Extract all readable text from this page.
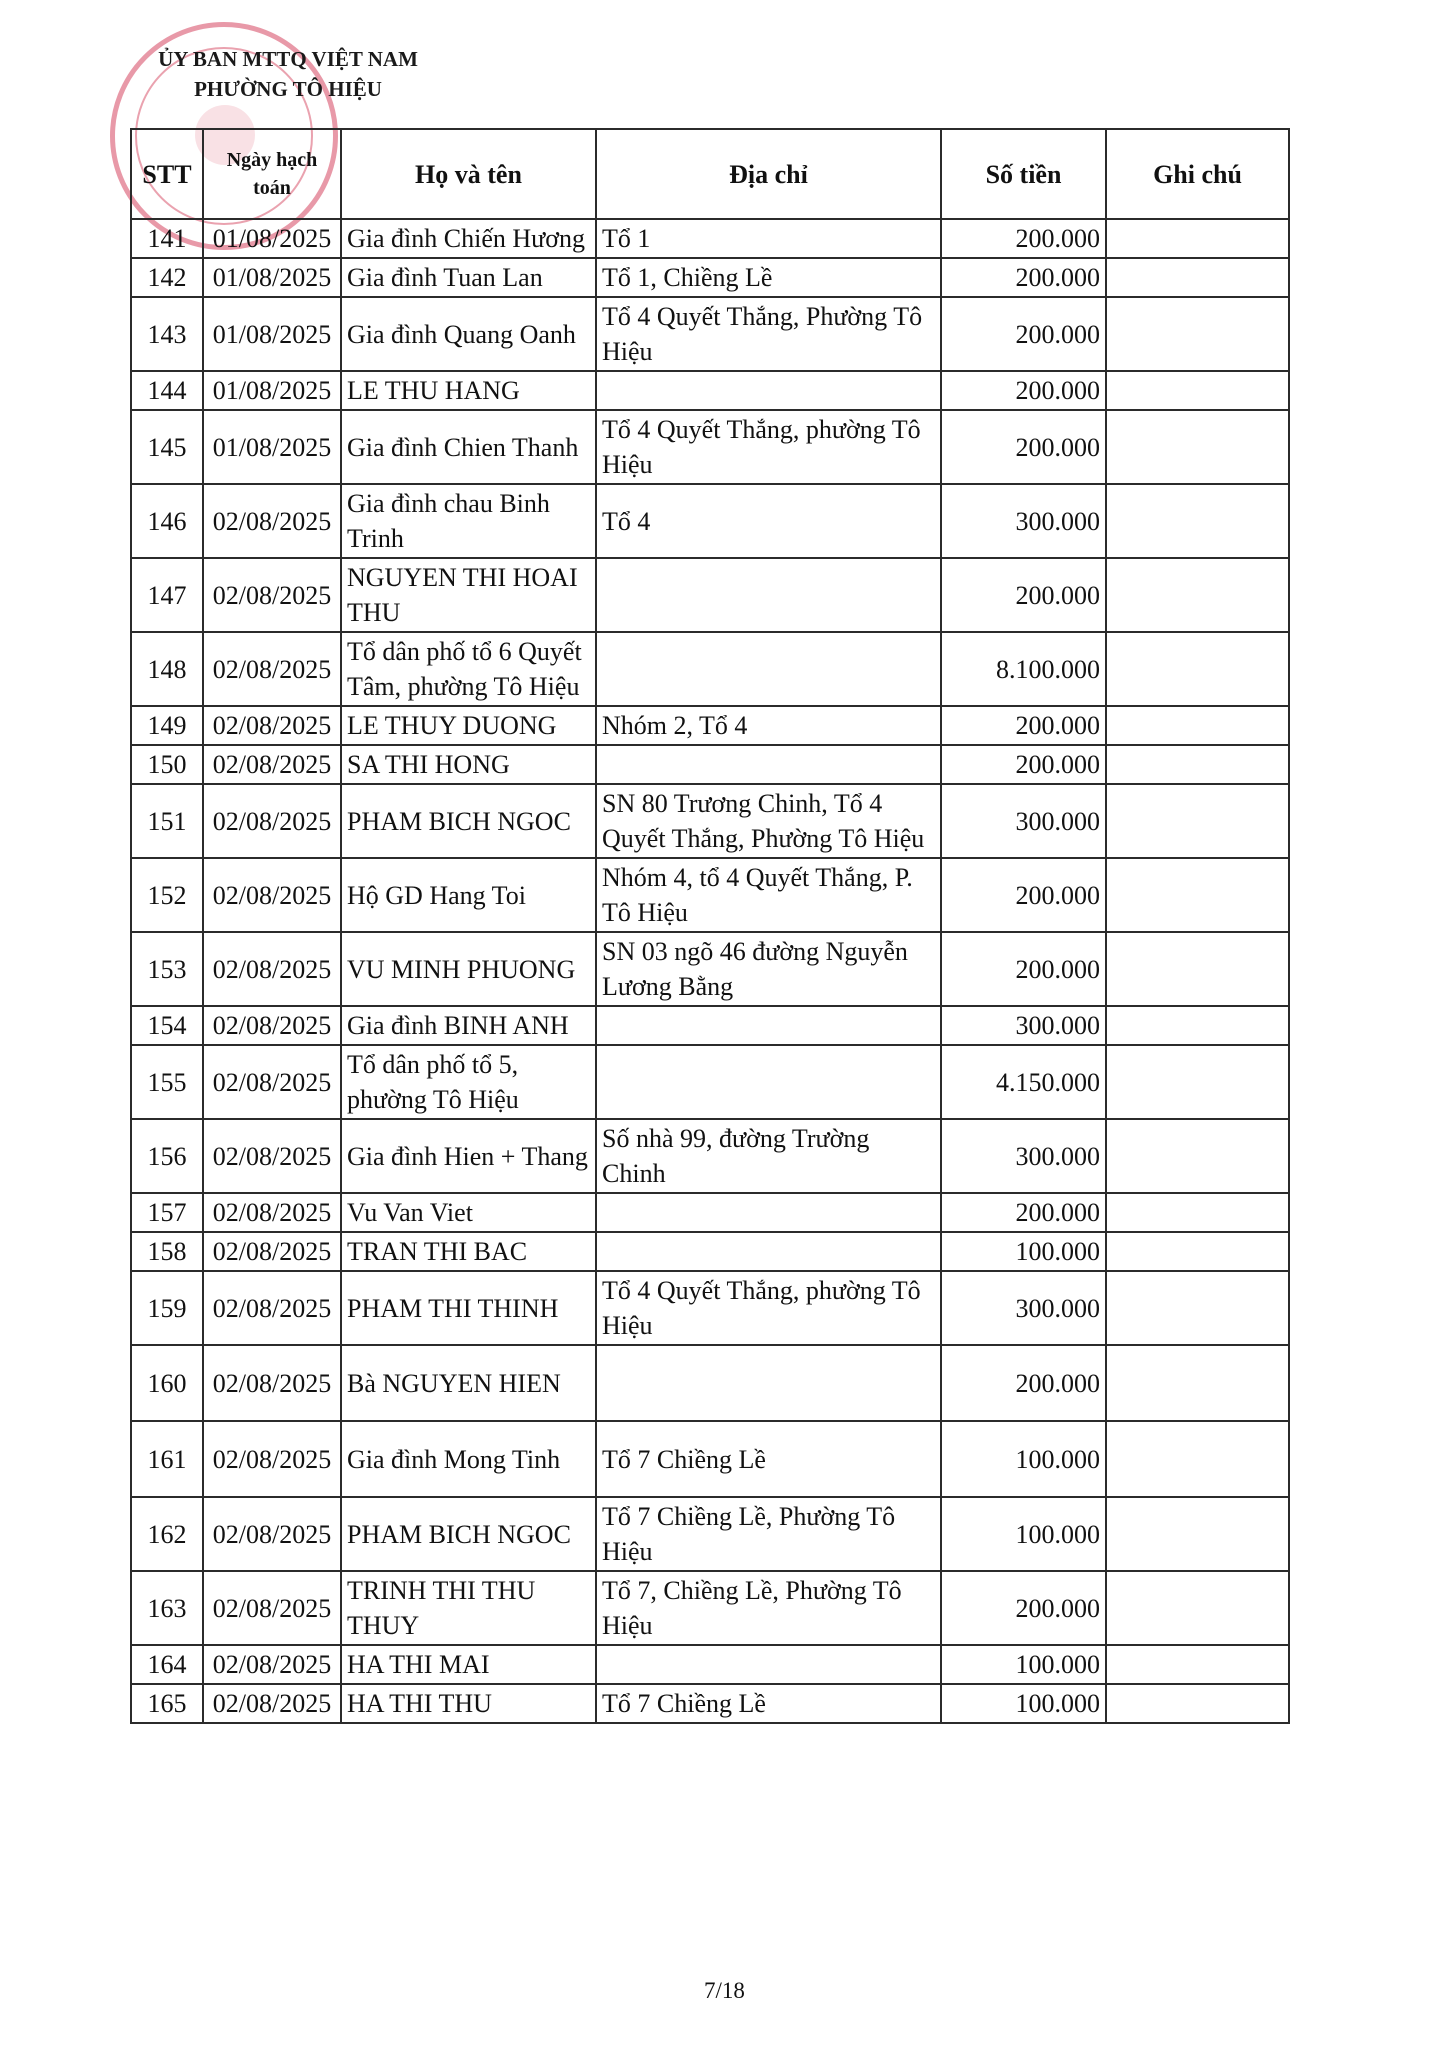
ỦY BAN MTTQ VIỆT NAM
PHƯỜNG TÔ HIỆU
STT	Ngày hạch toán	Họ và tên	Địa chỉ	Số tiền	Ghi chú
141	01/08/2025	Gia đình Chiến Hương	Tổ 1	200.000	
142	01/08/2025	Gia đình Tuan Lan	Tổ 1, Chiềng Lề	200.000	
143	01/08/2025	Gia đình Quang Oanh	Tổ 4 Quyết Thắng, Phường Tô Hiệu	200.000	
144	01/08/2025	LE THU HANG		200.000	
145	01/08/2025	Gia đình Chien Thanh	Tổ 4 Quyết Thắng, phường Tô Hiệu	200.000	
146	02/08/2025	Gia đình chau Binh Trinh	Tổ 4	300.000	
147	02/08/2025	NGUYEN THI HOAI THU		200.000	
148	02/08/2025	Tổ dân phố tổ 6 Quyết Tâm, phường Tô Hiệu		8.100.000	
149	02/08/2025	LE THUY DUONG	Nhóm 2, Tổ 4	200.000	
150	02/08/2025	SA THI HONG		200.000	
151	02/08/2025	PHAM BICH NGOC	SN 80 Trương Chinh, Tổ 4 Quyết Thắng, Phường Tô Hiệu	300.000	
152	02/08/2025	Hộ GD Hang Toi	Nhóm 4, tổ 4 Quyết Thắng, P. Tô Hiệu	200.000	
153	02/08/2025	VU MINH PHUONG	SN 03 ngõ 46 đường Nguyễn Lương Bằng	200.000	
154	02/08/2025	Gia đình BINH ANH		300.000	
155	02/08/2025	Tổ dân phố tổ 5, phường Tô Hiệu		4.150.000	
156	02/08/2025	Gia đình Hien + Thang	Số nhà 99, đường Trường Chinh	300.000	
157	02/08/2025	Vu Van Viet		200.000	
158	02/08/2025	TRAN THI BAC		100.000	
159	02/08/2025	PHAM THI THINH	Tổ 4 Quyết Thắng, phường Tô Hiệu	300.000	
160	02/08/2025	Bà NGUYEN HIEN		200.000	
161	02/08/2025	Gia đình Mong Tinh	Tổ 7 Chiềng Lề	100.000	
162	02/08/2025	PHAM BICH NGOC	Tổ 7 Chiềng Lề, Phường Tô Hiệu	100.000	
163	02/08/2025	TRINH THI THU THUY	Tổ 7, Chiềng Lề, Phường Tô Hiệu	200.000	
164	02/08/2025	HA THI MAI		100.000	
165	02/08/2025	HA THI THU	Tổ 7 Chiềng Lề	100.000	
7/18
